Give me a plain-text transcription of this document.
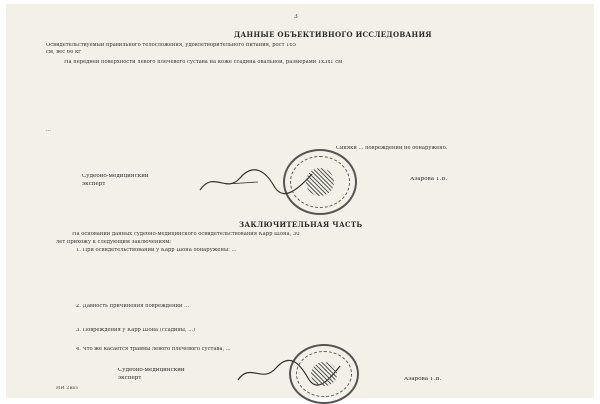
3
ДАННЫЕ ОБЪЕКТИВНОГО ИССЛЕДОВАНИЯ
Освидетельствуемый правильного телосложения, удовлетворительного питания, рост 165
см, вес 66 кг
На передней поверхности левого плечевого сустава на коже ссадина овальной, размерами 1х3х1 см
...
Синяки ... повреждений не обнаружено.
Судебно-медицинский
эксперт
Азарова Т.В.
ЗАКЛЮЧИТЕЛЬНАЯ ЧАСТЬ
На основании данных судебно-медицинского освидетельствования Карр Шона, 30
лет прихожу к следующим заключениям:
1. При освидетельствовании у Карр Шона обнаружены: ...
2. Давность причинения повреждений ...
3. Повреждения у Карр Шона (ссадины, ...)
4. Что же касается травмы левого плечевого сустава, ...
Судебно-медицинский
эксперт	Азарова Т.В.
ИИ 2ввз
